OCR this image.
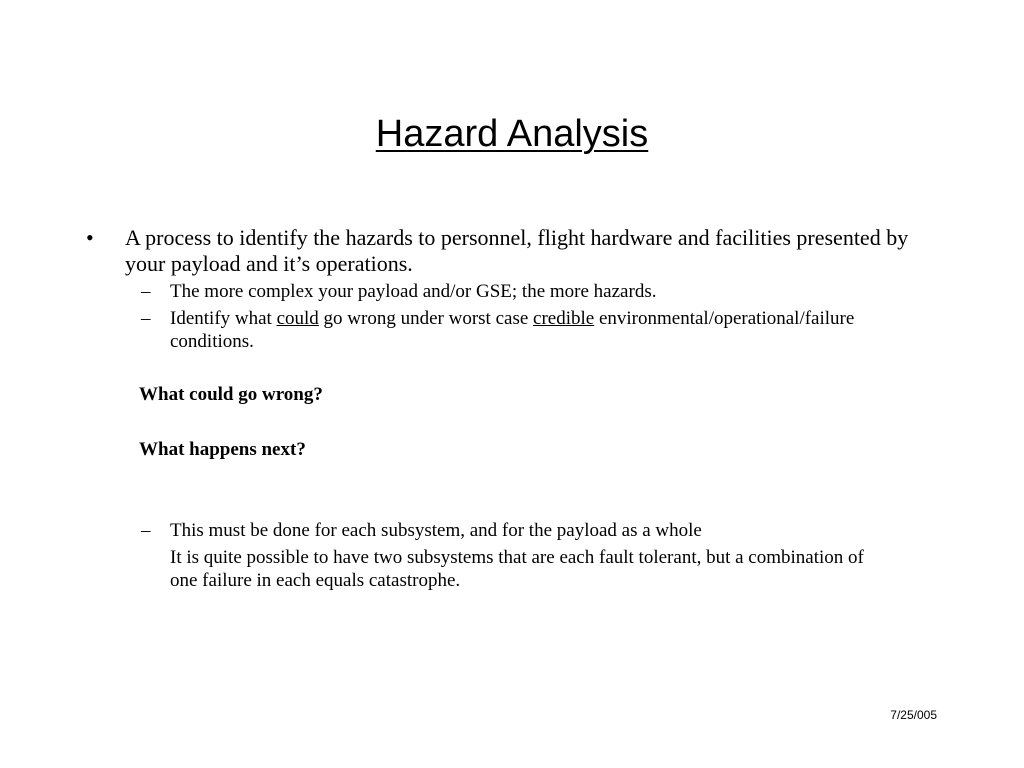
Hazard Analysis
• A process to identify the hazards to personnel, flight hardware and facilities presented by your payload and it’s operations.
– The more complex your payload and/or GSE; the more hazards.
– Identify what could go wrong under worst case credible environmental/operational/failure conditions.
What could go wrong?
What happens next?
– This must be done for each subsystem, and for the payload as a whole
It is quite possible to have two subsystems that are each fault tolerant, but a combination of one failure in each equals catastrophe.
7/25/005
